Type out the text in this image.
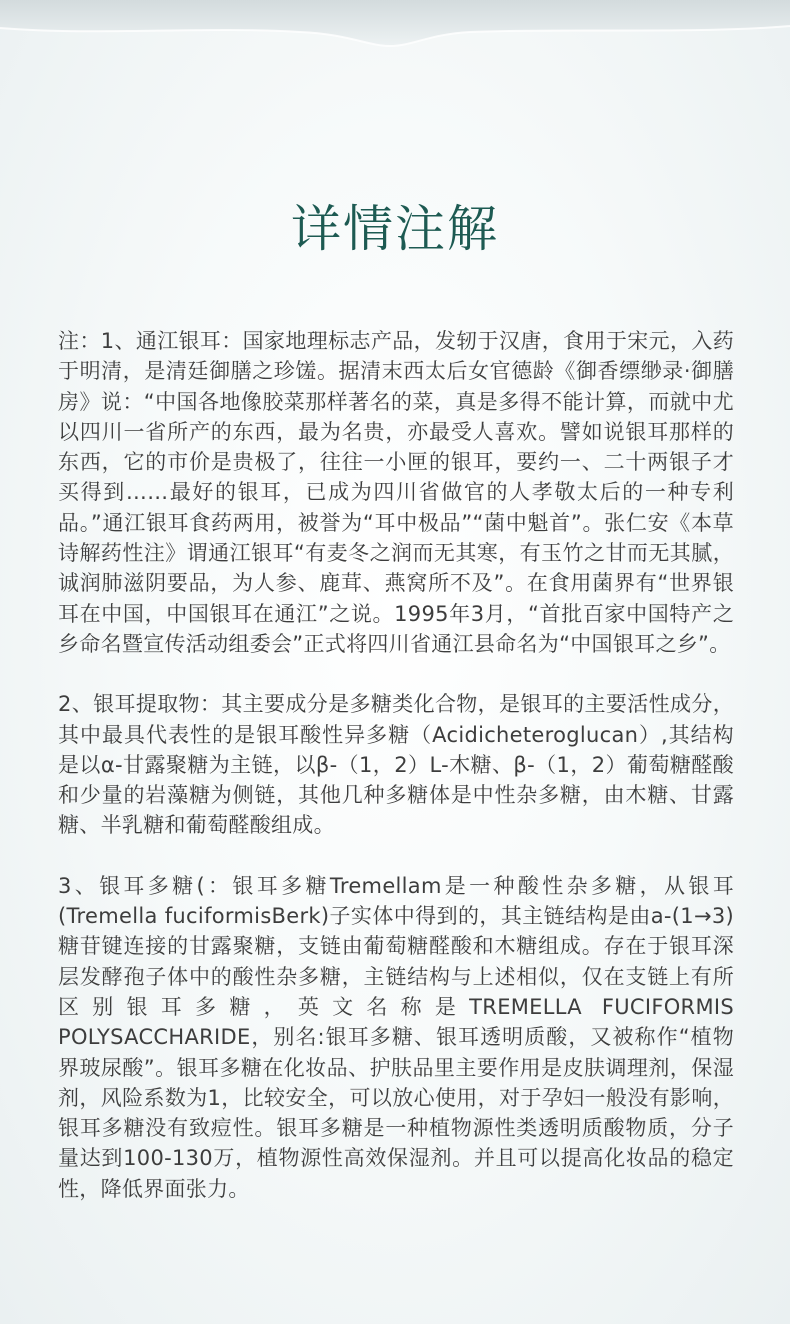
详情注解

注：1、通江银耳：国家地理标志产品，发轫于汉唐，食用于宋元，入药于明清，是清廷御膳之珍馐。据清末西太后女官德龄《御香缥缈录·御膳房》说：“中国各地像胶菜那样著名的菜，真是多得不能计算，而就中尤以四川一省所产的东西，最为名贵，亦最受人喜欢。譬如说银耳那样的东西，它的市价是贵极了，往往一小匣的银耳，要约一、二十两银子才买得到……最好的银耳，已成为四川省做官的人孝敬太后的一种专利品。”通江银耳食药两用，被誉为“耳中极品”“菌中魁首”。张仁安《本草诗解药性注》谓通江银耳“有麦冬之润而无其寒，有玉竹之甘而无其腻，诚润肺滋阴要品，为人参、鹿茸、燕窝所不及”。在食用菌界有“世界银耳在中国，中国银耳在通江”之说。1995年3月，“首批百家中国特产之乡命名暨宣传活动组委会”正式将四川省通江县命名为“中国银耳之乡”。

2、银耳提取物：其主要成分是多糖类化合物，是银耳的主要活性成分，其中最具代表性的是银耳酸性异多糖（Acidicheteroglucan）,其结构是以α-甘露聚糖为主链，以β-（1，2）L-木糖、β-（1，2）葡萄糖醛酸和少量的岩藻糖为侧链，其他几种多糖体是中性杂多糖，由木糖、甘露糖、半乳糖和葡萄醛酸组成。

3、银耳多糖(：银耳多糖Tremellam是一种酸性杂多糖，从银耳(Tremella fuciformisBerk)子实体中得到的，其主链结构是由a-(1→3)糖苷键连接的甘露聚糖，支链由葡萄糖醛酸和木糖组成。存在于银耳深层发酵孢子体中的酸性杂多糖，主链结构与上述相似，仅在支链上有所区别银耳多糖，英文名称是TREMELLA FUCIFORMIS POLYSACCHARIDE，别名:银耳多糖、银耳透明质酸，又被称作“植物界玻尿酸”。银耳多糖在化妆品、护肤品里主要作用是皮肤调理剂，保湿剂，风险系数为1，比较安全，可以放心使用，对于孕妇一般没有影响，银耳多糖没有致痘性。银耳多糖是一种植物源性类透明质酸物质，分子量达到100-130万，植物源性高效保湿剂。并且可以提高化妆品的稳定性，降低界面张力。
